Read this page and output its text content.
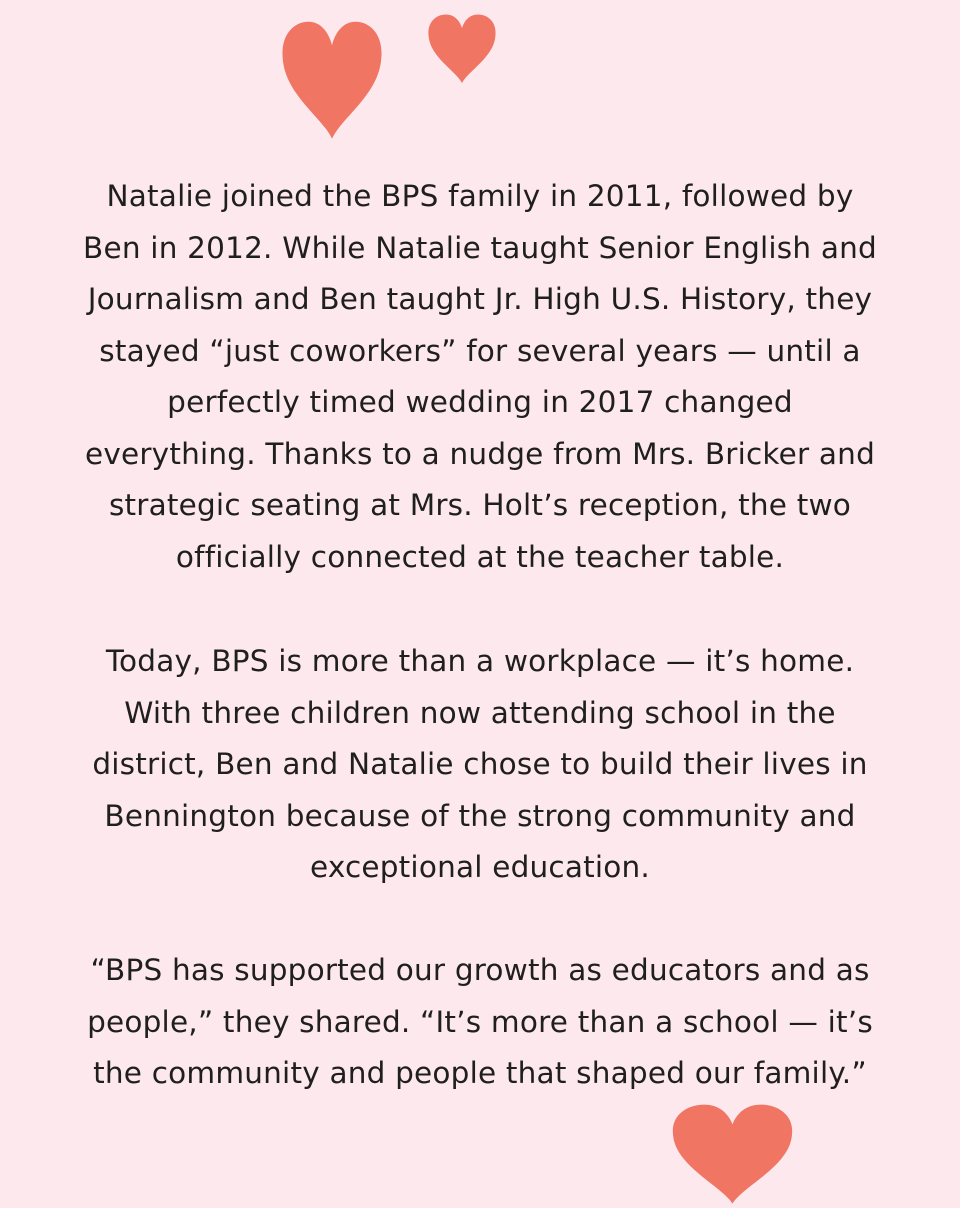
Natalie joined the BPS family in 2011, followed by
Ben in 2012. While Natalie taught Senior English and
Journalism and Ben taught Jr. High U.S. History, they
stayed “just coworkers” for several years — until a
perfectly timed wedding in 2017 changed
everything. Thanks to a nudge from Mrs. Bricker and
strategic seating at Mrs. Holt’s reception, the two
officially connected at the teacher table.

Today, BPS is more than a workplace — it’s home.
With three children now attending school in the
district, Ben and Natalie chose to build their lives in
Bennington because of the strong community and
exceptional education.

“BPS has supported our growth as educators and as
people,” they shared. “It’s more than a school — it’s
the community and people that shaped our family.”
